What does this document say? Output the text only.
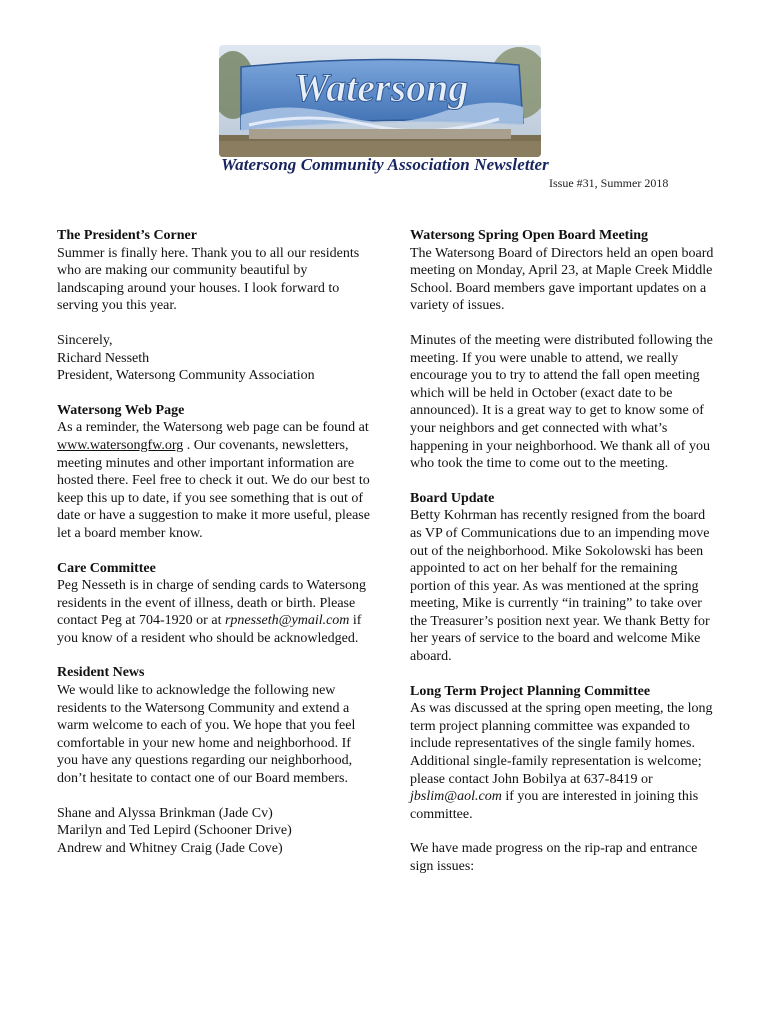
Watersong
Watersong Community Association Newsletter
Issue #31, Summer 2018
The President’s Corner
Summer is finally here. Thank you to all our residents who are making our community beautiful by landscaping around your houses. I look forward to serving you this year.
Sincerely,
Richard Nesseth
President, Watersong Community Association
Watersong Web Page
As a reminder, the Watersong web page can be found at www.watersongfw.org . Our covenants, newsletters, meeting minutes and other important information are hosted there. Feel free to check it out. We do our best to keep this up to date, if you see something that is out of date or have a suggestion to make it more useful, please let a board member know.
Care Committee
Peg Nesseth is in charge of sending cards to Watersong residents in the event of illness, death or birth. Please contact Peg at 704-1920 or at rpnesseth@ymail.com if you know of a resident who should be acknowledged.
Resident News
We would like to acknowledge the following new residents to the Watersong Community and extend a warm welcome to each of you. We hope that you feel comfortable in your new home and neighborhood. If you have any questions regarding our neighborhood, don’t hesitate to contact one of our Board members.
Shane and Alyssa Brinkman (Jade Cv)
Marilyn and Ted Lepird (Schooner Drive)
Andrew and Whitney Craig (Jade Cove)
Watersong Spring Open Board Meeting
The Watersong Board of Directors held an open board meeting on Monday, April 23, at Maple Creek Middle School. Board members gave important updates on a variety of issues.
Minutes of the meeting were distributed following the meeting. If you were unable to attend, we really encourage you to try to attend the fall open meeting which will be held in October (exact date to be announced). It is a great way to get to know some of your neighbors and get connected with what’s happening in your neighborhood. We thank all of you who took the time to come out to the meeting.
Board Update
Betty Kohrman has recently resigned from the board as VP of Communications due to an impending move out of the neighborhood. Mike Sokolowski has been appointed to act on her behalf for the remaining portion of this year. As was mentioned at the spring meeting, Mike is currently “in training” to take over the Treasurer’s position next year. We thank Betty for her years of service to the board and welcome Mike aboard.
Long Term Project Planning Committee
As was discussed at the spring open meeting, the long term project planning committee was expanded to include representatives of the single family homes. Additional single-family representation is welcome; please contact John Bobilya at 637-8419 or jbslim@aol.com if you are interested in joining this committee.
We have made progress on the rip-rap and entrance sign issues:
